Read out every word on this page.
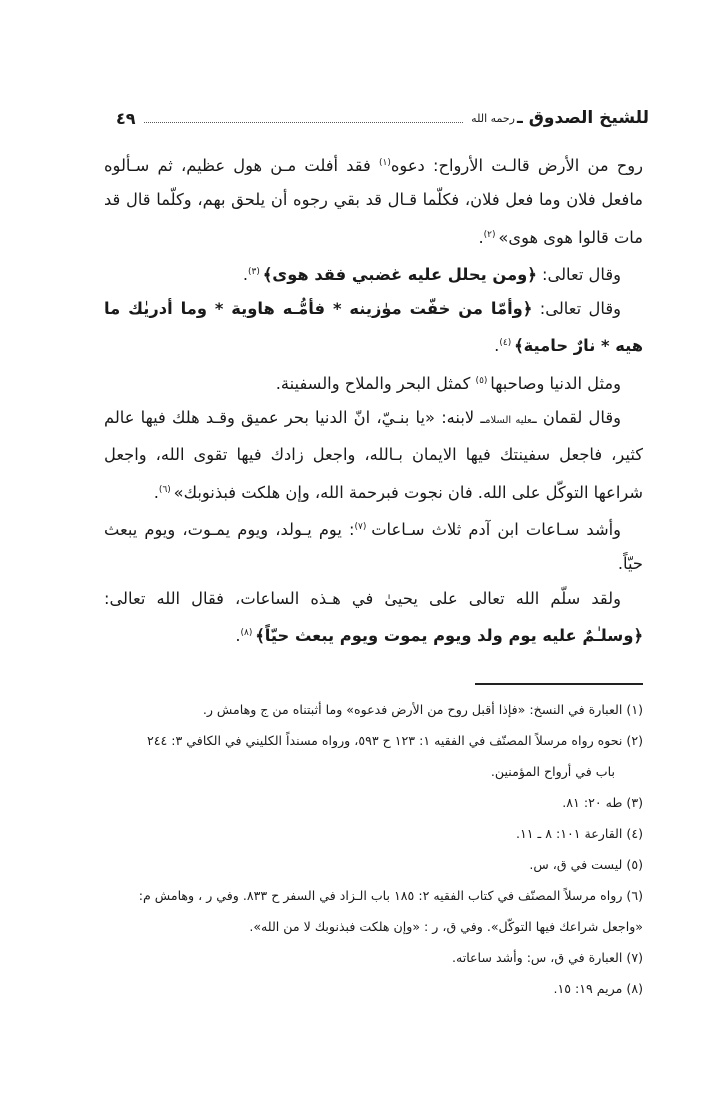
للشيخ الصدوق ـ
رحمه الله
٤٩

روح من الأرض قالـت الأرواح: دعوه$^{(١)}$ فقد أفلت مـن هول عظيم، ثم سـألوه مافعل فلان وما فعل فلان، فكلّما قـال قد بقي رجوه أن يلحق بهم، وكلّما قال قد مات قالوا هوى هوى» $^{(٢)}$.

وقال تعالى: ﴿ومن يحلل عليه غضبي فقد هوى﴾ $^{(٣)}$.

وقال تعالى: ﴿وأمّا من خفّت موٰزينه * فأمُّـه هاوية * وما أدريٰك ما هيه * نارٌ حامية﴾ $^{(٤)}$.

ومثل الدنيا وصاحبها $^{(٥)}$ كمثل البحر والملاح والسفينة.

وقال لقمان ـعليه السلامـ لابنه: «يا بنـيّ، انّ الدنيا بحر عميق وقـد هلك فيها عالم كثير، فاجعل سفينتك فيها الايمان بـالله، واجعل زادك فيها تقوى الله، واجعل شراعها التوكّل على الله. فان نجوت فبرحمة الله، وإن هلكت فبذنوبك» $^{(٦)}$.

وأشد سـاعات ابن آدم ثلاث سـاعات $^{(٧)}$: يوم يـولد، ويوم يمـوت، ويوم يبعث حيّاً.

ولقد سلّم الله تعالى على يحيىٰ في هـذه الساعات، فقال الله تعالى: ﴿وسلـٰمٌ عليه يوم ولد ويوم يموت ويوم يبعث حيّاً﴾ $^{(٨)}$.

(١) العبارة في النسخ: «فإذا أقبل روح من الأرض فدعوه» وما أثبتناه من ج وهامش ر.

(٢) نحوه رواه مرسلاً المصنّف في الفقيه ١: ١٢٣ ح ٥٩٣، ورواه مسنداً الكليني في الكافي ٣: ٢٤٤

باب في أرواح المؤمنين.

(٣) طه ٢٠: ٨١.

(٤) القارعة ١٠١: ٨ ـ ١١.

(٥) ليست في ق، س.

(٦) رواه مرسلاً المصنّف في كتاب الفقيه ٢: ١٨٥ باب الـزاد في السفر ح ٨٣٣. وفي ر ، وهامش م:

«واجعل شراعك فيها التوكّل». وفي ق، ر : «وإن هلكت فبذنوبك لا من الله».

(٧) العبارة في ق، س: وأشد ساعاته.

(٨) مريم ١٩: ١٥.
